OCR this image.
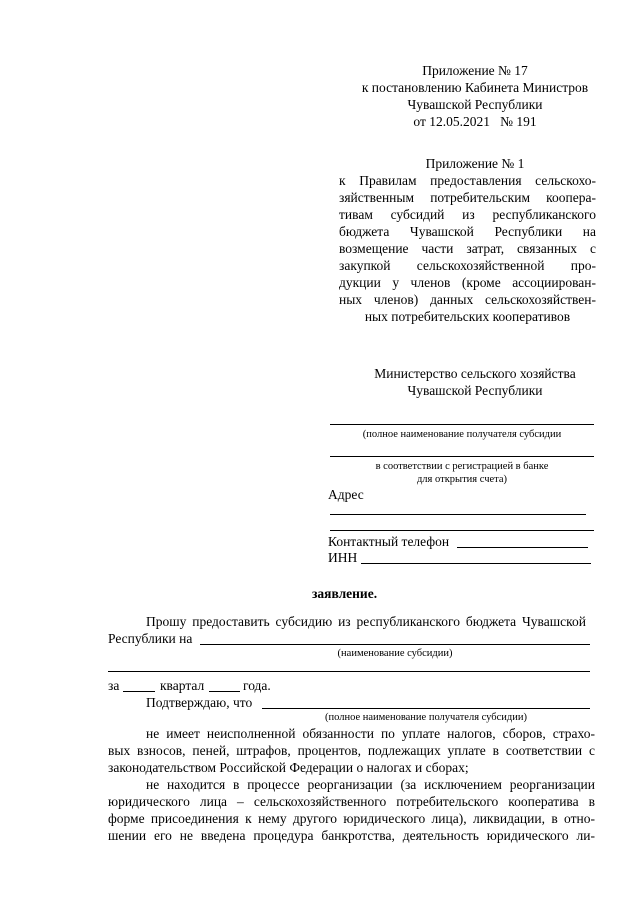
Приложение № 17
к постановлению Кабинета Министров
Чувашской Республики
от 12.05.2021   № 191
Приложение № 1
к Правилам предоставления сельскохо-
зяйственным потребительским коопера-
тивам субсидий из республиканского
бюджета Чувашской Республики на
возмещение части затрат, связанных с
закупкой сельскохозяйственной про-
дукции у членов (кроме ассоциирован-
ных членов) данных сельскохозяйствен-
ных потребительских кооперативов
Министерство сельского хозяйства
Чувашской Республики
(полное наименование получателя субсидии
в соответствии с регистрацией в банке
для открытия счета)
Адрес
Контактный телефон
ИНН
заявление.
Прошу предоставить субсидию из республиканского бюджета Чувашской
Республики на
(наименование субсидии)
за	квартал	года.
Подтверждаю, что
(полное наименование получателя субсидии)
не имеет неисполненной обязанности по уплате налогов, сборов, страхо-
вых взносов, пеней, штрафов, процентов, подлежащих уплате в соответствии с
законодательством Российской Федерации о налогах и сборах;
не находится в процессе реорганизации (за исключением реорганизации
юридического лица – сельскохозяйственного потребительского кооператива в
форме присоединения к нему другого юридического лица), ликвидации, в отно-
шении его не введена процедура банкротства, деятельность юридического ли-
